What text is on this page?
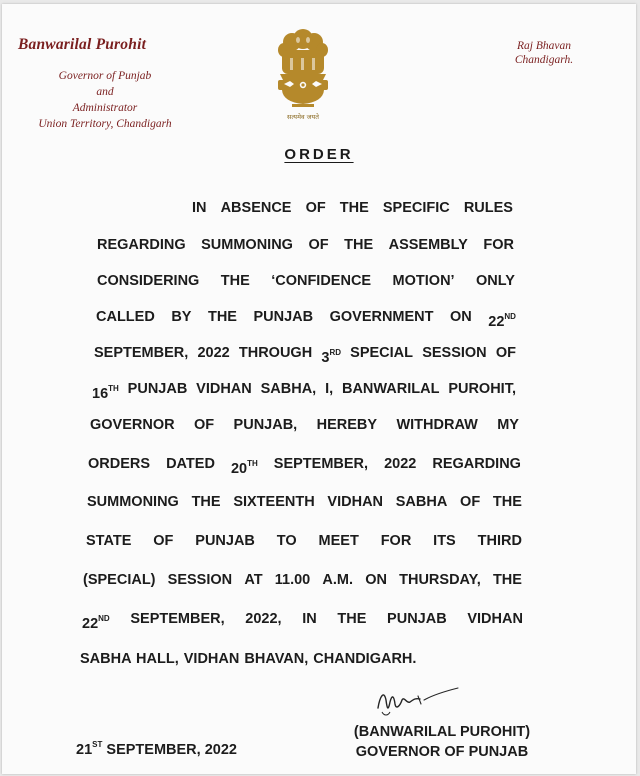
Banwarilal Purohit
Governor of Punjab
and
Administrator
Union Territory, Chandigarh
सत्यमेव जयते
Raj Bhavan
Chandigarh.
ORDER
IN ABSENCE OF THE SPECIFIC RULES
REGARDING SUMMONING OF THE ASSEMBLY FOR
CONSIDERING THE ‘CONFIDENCE MOTION’ ONLY
CALLED BY THE PUNJAB GOVERNMENT ON 22ND
SEPTEMBER, 2022 THROUGH 3RD SPECIAL SESSION OF
16TH PUNJAB VIDHAN SABHA, I, BANWARILAL PUROHIT,
GOVERNOR OF PUNJAB, HEREBY WITHDRAW MY
ORDERS DATED 20TH SEPTEMBER, 2022 REGARDING
SUMMONING THE SIXTEENTH VIDHAN SABHA OF THE
STATE OF PUNJAB TO MEET FOR ITS THIRD
(SPECIAL) SESSION AT 11.00 A.M. ON THURSDAY, THE
22ND SEPTEMBER, 2022, IN THE PUNJAB VIDHAN
SABHA HALL, VIDHAN BHAVAN, CHANDIGARH.
(BANWARILAL PUROHIT)
GOVERNOR OF PUNJAB
21ST SEPTEMBER, 2022
